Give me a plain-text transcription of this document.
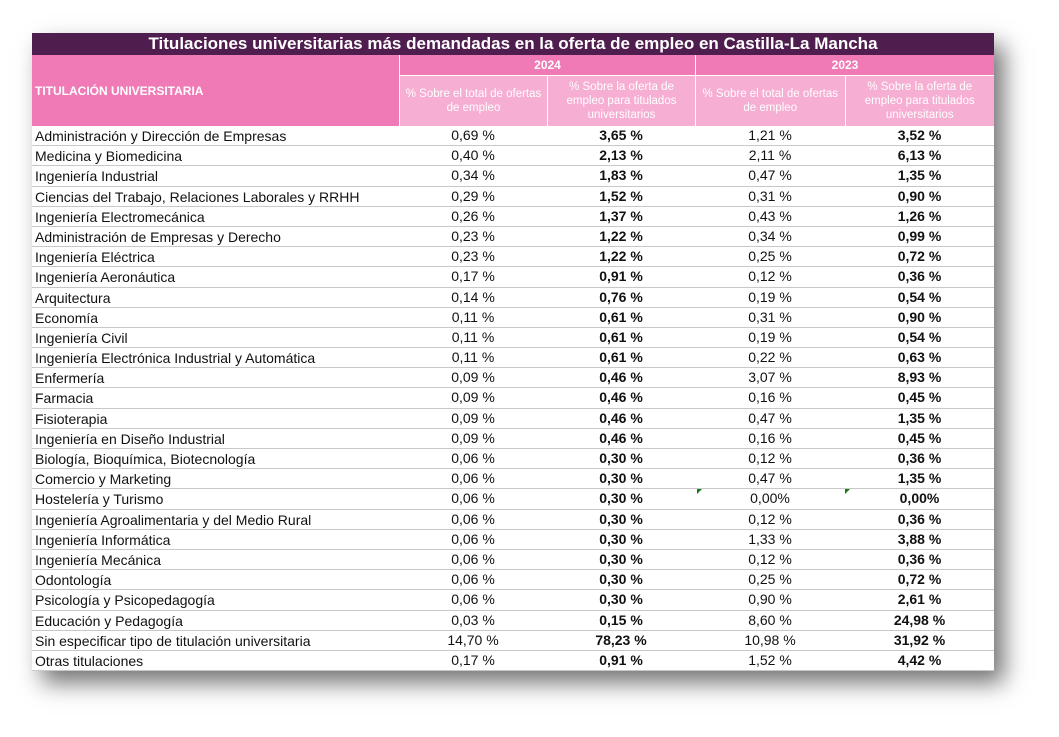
Titulaciones universitarias más demandadas en la oferta de empleo en Castilla-La Mancha
TITULACIÓN UNIVERSITARIA
2024
% Sobre el total de ofertas de empleo
% Sobre la oferta de empleo para titulados universitarios
2023
% Sobre el total de ofertas de empleo
% Sobre la oferta de empleo para titulados universitarios
Administración y Dirección de Empresas	0,69 %	3,65 %	1,21 %	3,52 %
Medicina y Biomedicina	0,40 %	2,13 %	2,11 %	6,13 %
Ingeniería Industrial	0,34 %	1,83 %	0,47 %	1,35 %
Ciencias del Trabajo, Relaciones Laborales y RRHH	0,29 %	1,52 %	0,31 %	0,90 %
Ingeniería Electromecánica	0,26 %	1,37 %	0,43 %	1,26 %
Administración de Empresas y Derecho	0,23 %	1,22 %	0,34 %	0,99 %
Ingeniería Eléctrica	0,23 %	1,22 %	0,25 %	0,72 %
Ingeniería Aeronáutica	0,17 %	0,91 %	0,12 %	0,36 %
Arquitectura	0,14 %	0,76 %	0,19 %	0,54 %
Economía	0,11 %	0,61 %	0,31 %	0,90 %
Ingeniería Civil	0,11 %	0,61 %	0,19 %	0,54 %
Ingeniería Electrónica Industrial y Automática	0,11 %	0,61 %	0,22 %	0,63 %
Enfermería	0,09 %	0,46 %	3,07 %	8,93 %
Farmacia	0,09 %	0,46 %	0,16 %	0,45 %
Fisioterapia	0,09 %	0,46 %	0,47 %	1,35 %
Ingeniería en Diseño Industrial	0,09 %	0,46 %	0,16 %	0,45 %
Biología, Bioquímica, Biotecnología	0,06 %	0,30 %	0,12 %	0,36 %
Comercio y Marketing	0,06 %	0,30 %	0,47 %	1,35 %
Hostelería y Turismo	0,06 %	0,30 %	0,00%	0,00%
Ingeniería Agroalimentaria y del Medio Rural	0,06 %	0,30 %	0,12 %	0,36 %
Ingeniería Informática	0,06 %	0,30 %	1,33 %	3,88 %
Ingeniería Mecánica	0,06 %	0,30 %	0,12 %	0,36 %
Odontología	0,06 %	0,30 %	0,25 %	0,72 %
Psicología y Psicopedagogía	0,06 %	0,30 %	0,90 %	2,61 %
Educación y Pedagogía	0,03 %	0,15 %	8,60 %	24,98 %
Sin especificar tipo de titulación universitaria	14,70 %	78,23 %	10,98 %	31,92 %
Otras titulaciones	0,17 %	0,91 %	1,52 %	4,42 %
